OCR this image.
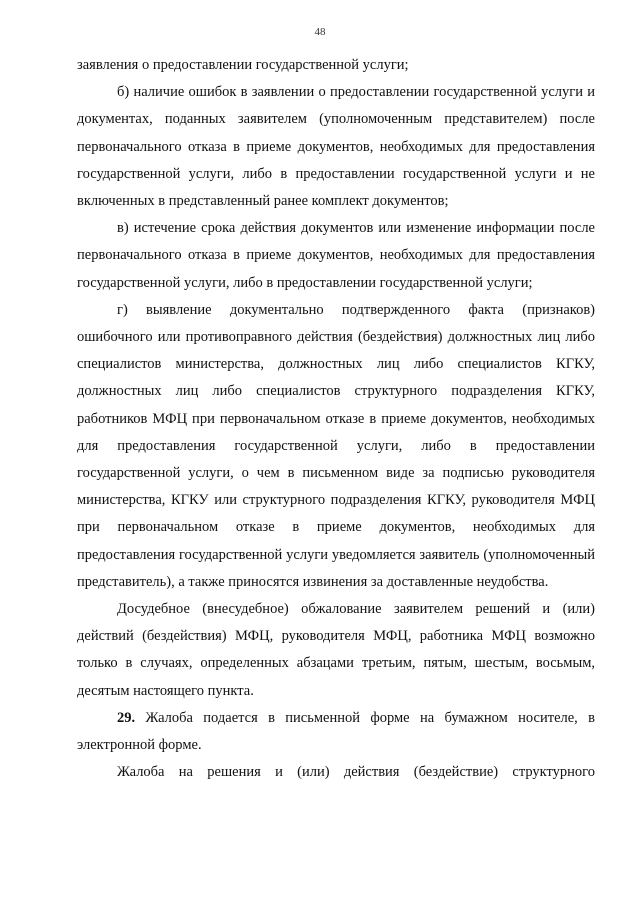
48

заявления о предоставлении государственной услуги;

б) наличие ошибок в заявлении о предоставлении государственной услуги и документах, поданных заявителем (уполномоченным представителем) после первоначального отказа в приеме документов, необходимых для предоставления государственной услуги, либо в предоставлении государственной услуги и не включенных в представленный ранее комплект документов;

в) истечение срока действия документов или изменение информации после первоначального отказа в приеме документов, необходимых для предоставления государственной услуги, либо в предоставлении государственной услуги;

г) выявление документально подтвержденного факта (признаков) ошибочного или противоправного действия (бездействия) должностных лиц либо специалистов министерства, должностных лиц либо специалистов КГКУ, должностных лиц либо специалистов структурного подразделения КГКУ, работников МФЦ при первоначальном отказе в приеме документов, необходимых для предоставления государственной услуги, либо в предоставлении государственной услуги, о чем в письменном виде за подписью руководителя министерства, КГКУ или структурного подразделения КГКУ, руководителя МФЦ при первоначальном отказе в приеме документов, необходимых для предоставления государственной услуги уведомляется заявитель (уполномоченный представитель), а также приносятся извинения за доставленные неудобства.

Досудебное (внесудебное) обжалование заявителем решений и (или) действий (бездействия) МФЦ, руководителя МФЦ, работника МФЦ возможно только в случаях, определенных абзацами третьим, пятым, шестым, восьмым, десятым настоящего пункта.

29. Жалоба подается в письменной форме на бумажном носителе, в электронной форме.

Жалоба на решения и (или) действия (бездействие) структурного
